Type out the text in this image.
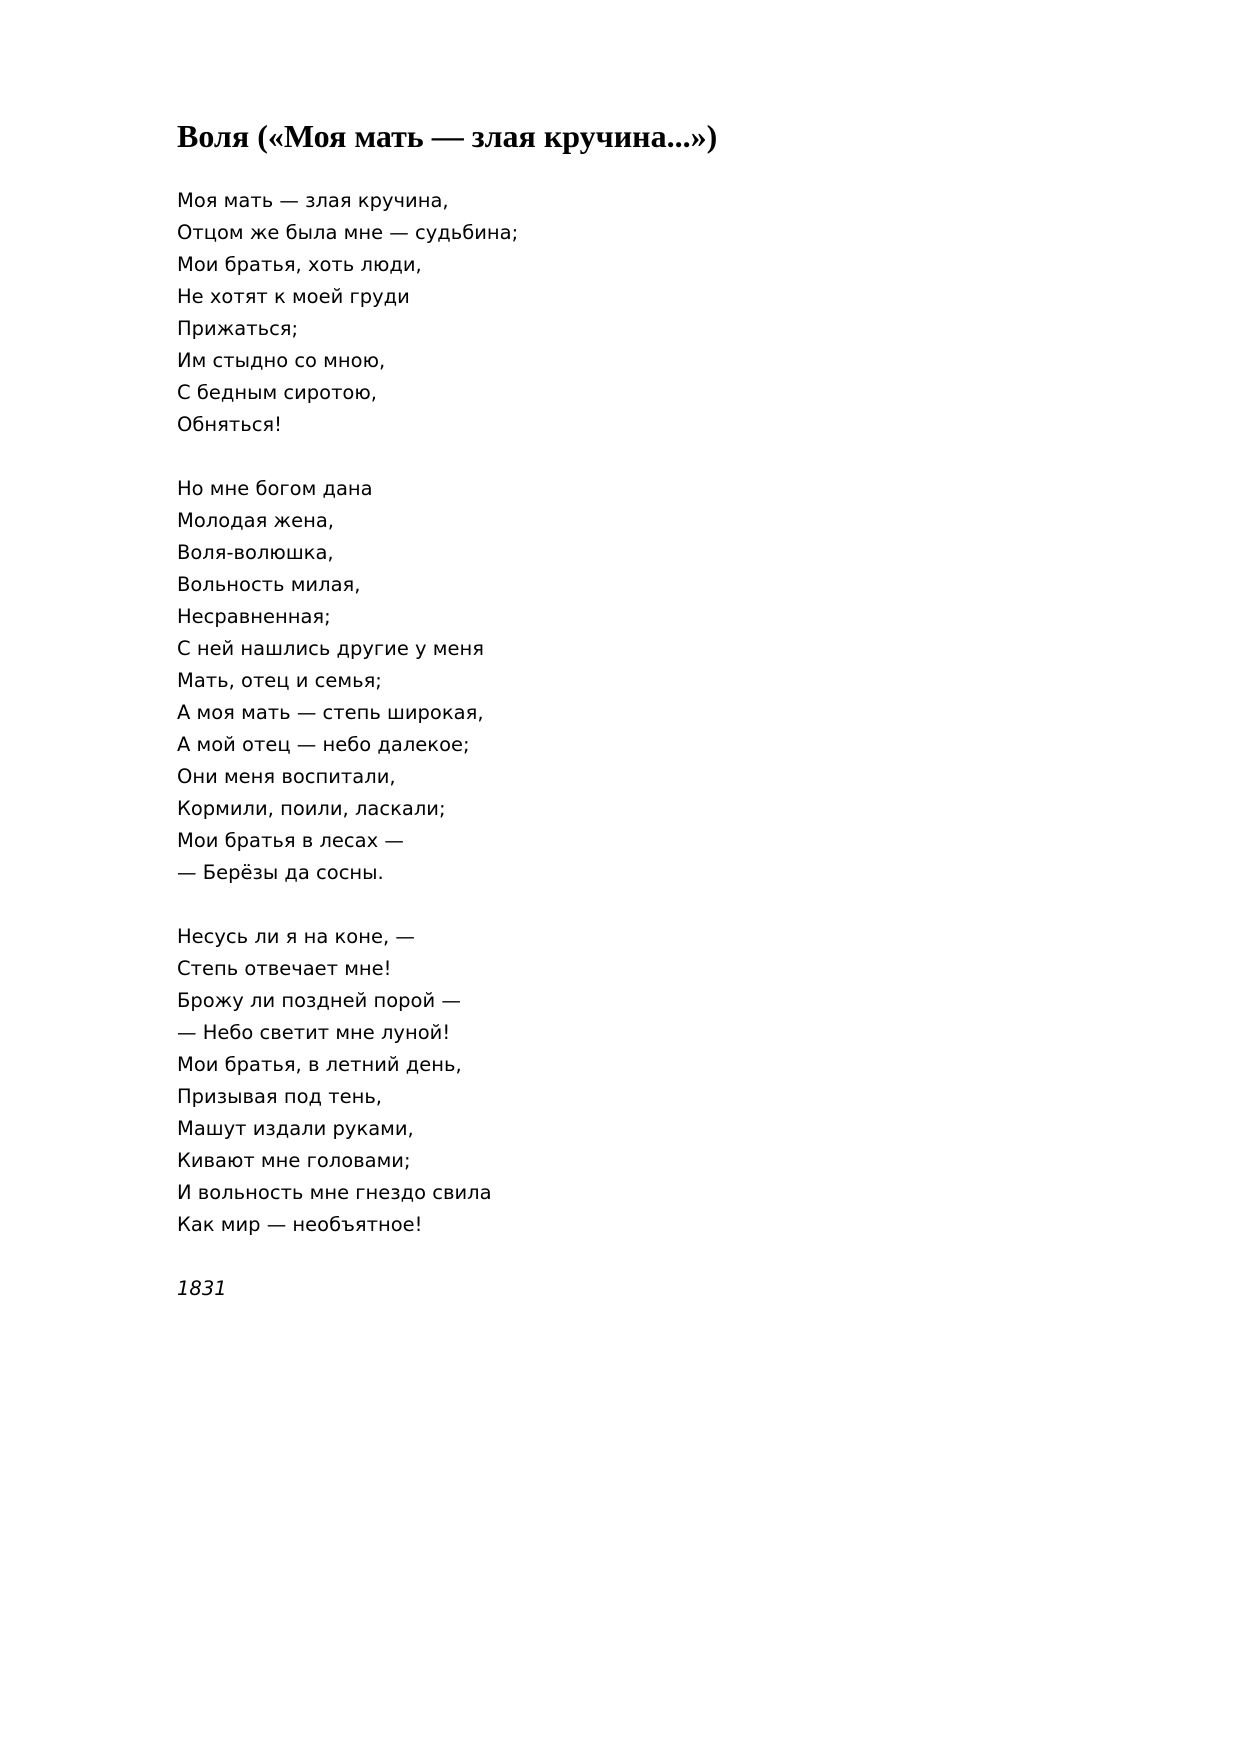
Воля («Моя мать — злая кручина...»)
Моя мать — злая кручина,
Отцом же была мне — судьбина;
Мои братья, хоть люди,
Не хотят к моей груди
Прижаться;
Им стыдно со мною,
С бедным сиротою,
Обняться!
Но мне богом дана
Молодая жена,
Воля-волюшка,
Вольность милая,
Несравненная;
С ней нашлись другие у меня
Мать, отец и семья;
А моя мать — степь широкая,
А мой отец — небо далекое;
Они меня воспитали,
Кормили, поили, ласкали;
Мои братья в лесах —
— Берёзы да сосны.
Несусь ли я на коне, —
Степь отвечает мне!
Брожу ли поздней порой —
— Небо светит мне луной!
Мои братья, в летний день,
Призывая под тень,
Машут издали руками,
Кивают мне головами;
И вольность мне гнездо свила
Как мир — необъятное!
1831
